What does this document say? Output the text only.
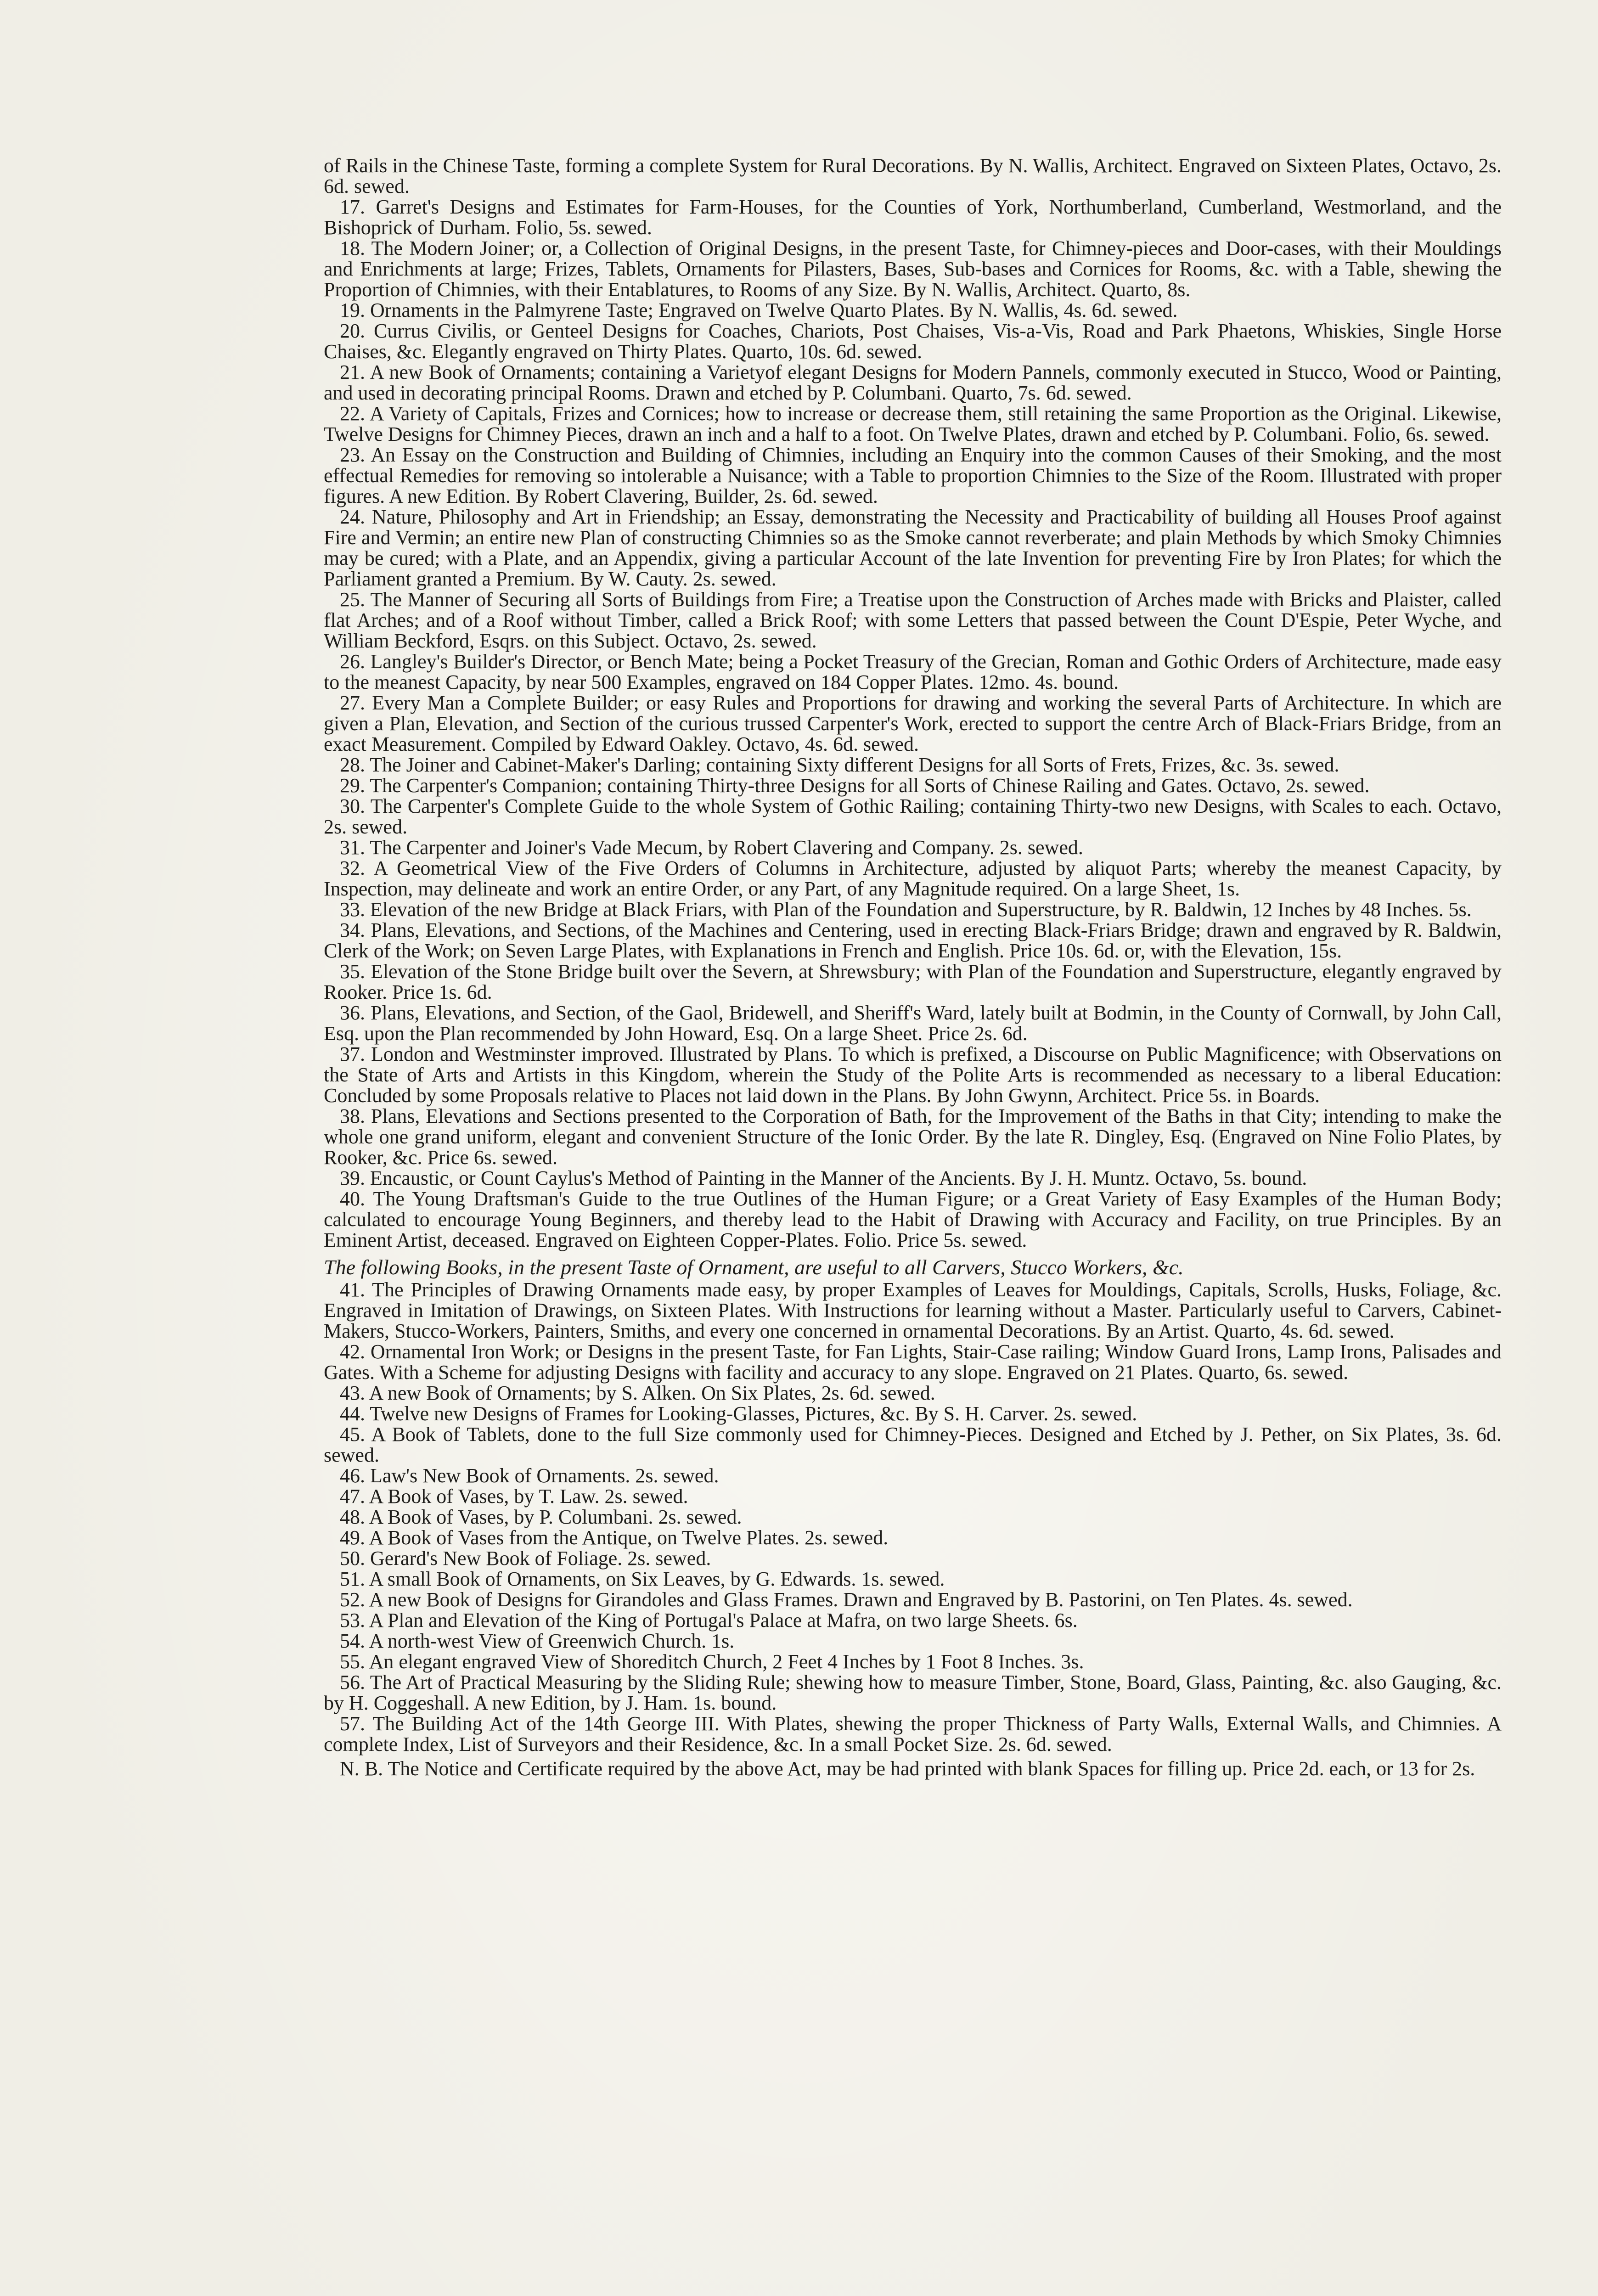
of Rails in the Chinese Taste, forming a complete System for Rural Decorations. By N. Wallis, Architect. Engraved on Sixteen Plates, Octavo, 2s. 6d. sewed.

17. Garret's Designs and Estimates for Farm-Houses, for the Counties of York, Northumberland, Cumberland, Westmorland, and the Bishoprick of Durham. Folio, 5s. sewed.

18. The Modern Joiner; or, a Collection of Original Designs, in the present Taste, for Chimney-pieces and Door-cases, with their Mouldings and Enrichments at large; Frizes, Tablets, Ornaments for Pilasters, Bases, Sub-bases and Cornices for Rooms, &c. with a Table, shewing the Proportion of Chimnies, with their Entablatures, to Rooms of any Size. By N. Wallis, Architect. Quarto, 8s.

19. Ornaments in the Palmyrene Taste; Engraved on Twelve Quarto Plates. By N. Wallis, 4s. 6d. sewed.

20. Currus Civilis, or Genteel Designs for Coaches, Chariots, Post Chaises, Vis-a-Vis, Road and Park Phaetons, Whiskies, Single Horse Chaises, &c. Elegantly engraved on Thirty Plates. Quarto, 10s. 6d. sewed.

21. A new Book of Ornaments; containing a Varietyof elegant Designs for Modern Pannels, commonly executed in Stucco, Wood or Painting, and used in decorating principal Rooms. Drawn and etched by P. Columbani. Quarto, 7s. 6d. sewed.

22. A Variety of Capitals, Frizes and Cornices; how to increase or decrease them, still retaining the same Proportion as the Original. Likewise, Twelve Designs for Chimney Pieces, drawn an inch and a half to a foot. On Twelve Plates, drawn and etched by P. Columbani. Folio, 6s. sewed.

23. An Essay on the Construction and Building of Chimnies, including an Enquiry into the common Causes of their Smoking, and the most effectual Remedies for removing so intolerable a Nuisance; with a Table to proportion Chimnies to the Size of the Room. Illustrated with proper figures. A new Edition. By Robert Clavering, Builder, 2s. 6d. sewed.

24. Nature, Philosophy and Art in Friendship; an Essay, demonstrating the Necessity and Practicability of building all Houses Proof against Fire and Vermin; an entire new Plan of constructing Chimnies so as the Smoke cannot reverberate; and plain Methods by which Smoky Chimnies may be cured; with a Plate, and an Appendix, giving a particular Account of the late Invention for preventing Fire by Iron Plates; for which the Parliament granted a Premium. By W. Cauty. 2s. sewed.

25. The Manner of Securing all Sorts of Buildings from Fire; a Treatise upon the Construction of Arches made with Bricks and Plaister, called flat Arches; and of a Roof without Timber, called a Brick Roof; with some Letters that passed between the Count D'Espie, Peter Wyche, and William Beckford, Esqrs. on this Subject. Octavo, 2s. sewed.

26. Langley's Builder's Director, or Bench Mate; being a Pocket Treasury of the Grecian, Roman and Gothic Orders of Architecture, made easy to the meanest Capacity, by near 500 Examples, engraved on 184 Copper Plates. 12mo. 4s. bound.

27. Every Man a Complete Builder; or easy Rules and Proportions for drawing and working the several Parts of Architecture. In which are given a Plan, Elevation, and Section of the curious trussed Carpenter's Work, erected to support the centre Arch of Black-Friars Bridge, from an exact Measurement. Compiled by Edward Oakley. Octavo, 4s. 6d. sewed.

28. The Joiner and Cabinet-Maker's Darling; containing Sixty different Designs for all Sorts of Frets, Frizes, &c. 3s. sewed.

29. The Carpenter's Companion; containing Thirty-three Designs for all Sorts of Chinese Railing and Gates. Octavo, 2s. sewed.

30. The Carpenter's Complete Guide to the whole System of Gothic Railing; containing Thirty-two new Designs, with Scales to each. Octavo, 2s. sewed.

31. The Carpenter and Joiner's Vade Mecum, by Robert Clavering and Company. 2s. sewed.

32. A Geometrical View of the Five Orders of Columns in Architecture, adjusted by aliquot Parts; whereby the meanest Capacity, by Inspection, may delineate and work an entire Order, or any Part, of any Magnitude required. On a large Sheet, 1s.

33. Elevation of the new Bridge at Black Friars, with Plan of the Foundation and Superstructure, by R. Baldwin, 12 Inches by 48 Inches. 5s.

34. Plans, Elevations, and Sections, of the Machines and Centering, used in erecting Black-Friars Bridge; drawn and engraved by R. Baldwin, Clerk of the Work; on Seven Large Plates, with Explanations in French and English. Price 10s. 6d. or, with the Elevation, 15s.

35. Elevation of the Stone Bridge built over the Severn, at Shrewsbury; with Plan of the Foundation and Superstructure, elegantly engraved by Rooker. Price 1s. 6d.

36. Plans, Elevations, and Section, of the Gaol, Bridewell, and Sheriff's Ward, lately built at Bodmin, in the County of Cornwall, by John Call, Esq. upon the Plan recommended by John Howard, Esq. On a large Sheet. Price 2s. 6d.

37. London and Westminster improved. Illustrated by Plans. To which is prefixed, a Discourse on Public Magnificence; with Observations on the State of Arts and Artists in this Kingdom, wherein the Study of the Polite Arts is recommended as necessary to a liberal Education: Concluded by some Proposals relative to Places not laid down in the Plans. By John Gwynn, Architect. Price 5s. in Boards.

38. Plans, Elevations and Sections presented to the Corporation of Bath, for the Improvement of the Baths in that City; intending to make the whole one grand uniform, elegant and convenient Structure of the Ionic Order. By the late R. Dingley, Esq. (Engraved on Nine Folio Plates, by Rooker, &c. Price 6s. sewed.

39. Encaustic, or Count Caylus's Method of Painting in the Manner of the Ancients. By J. H. Muntz. Octavo, 5s. bound.

40. The Young Draftsman's Guide to the true Outlines of the Human Figure; or a Great Variety of Easy Examples of the Human Body; calculated to encourage Young Beginners, and thereby lead to the Habit of Drawing with Accuracy and Facility, on true Principles. By an Eminent Artist, deceased. Engraved on Eighteen Copper-Plates. Folio. Price 5s. sewed.

The following Books, in the present Taste of Ornament, are useful to all Carvers, Stucco Workers, &c.

41. The Principles of Drawing Ornaments made easy, by proper Examples of Leaves for Mouldings, Capitals, Scrolls, Husks, Foliage, &c. Engraved in Imitation of Drawings, on Sixteen Plates. With Instructions for learning without a Master. Particularly useful to Carvers, Cabinet-Makers, Stucco-Workers, Painters, Smiths, and every one concerned in ornamental Decorations. By an Artist. Quarto, 4s. 6d. sewed.

42. Ornamental Iron Work; or Designs in the present Taste, for Fan Lights, Stair-Case railing; Window Guard Irons, Lamp Irons, Palisades and Gates. With a Scheme for adjusting Designs with facility and accuracy to any slope. Engraved on 21 Plates. Quarto, 6s. sewed.

43. A new Book of Ornaments; by S. Alken. On Six Plates, 2s. 6d. sewed.

44. Twelve new Designs of Frames for Looking-Glasses, Pictures, &c. By S. H. Carver. 2s. sewed.

45. A Book of Tablets, done to the full Size commonly used for Chimney-Pieces. Designed and Etched by J. Pether, on Six Plates, 3s. 6d. sewed.

46. Law's New Book of Ornaments. 2s. sewed.

47. A Book of Vases, by T. Law. 2s. sewed.

48. A Book of Vases, by P. Columbani. 2s. sewed.

49. A Book of Vases from the Antique, on Twelve Plates. 2s. sewed.

50. Gerard's New Book of Foliage. 2s. sewed.

51. A small Book of Ornaments, on Six Leaves, by G. Edwards. 1s. sewed.

52. A new Book of Designs for Girandoles and Glass Frames. Drawn and Engraved by B. Pastorini, on Ten Plates. 4s. sewed.

53. A Plan and Elevation of the King of Portugal's Palace at Mafra, on two large Sheets. 6s.

54. A north-west View of Greenwich Church. 1s.

55. An elegant engraved View of Shoreditch Church, 2 Feet 4 Inches by 1 Foot 8 Inches. 3s.

56. The Art of Practical Measuring by the Sliding Rule; shewing how to measure Timber, Stone, Board, Glass, Painting, &c. also Gauging, &c. by H. Coggeshall. A new Edition, by J. Ham. 1s. bound.

57. The Building Act of the 14th George III. With Plates, shewing the proper Thickness of Party Walls, External Walls, and Chimnies. A complete Index, List of Surveyors and their Residence, &c. In a small Pocket Size. 2s. 6d. sewed.

N. B. The Notice and Certificate required by the above Act, may be had printed with blank Spaces for filling up. Price 2d. each, or 13 for 2s.
